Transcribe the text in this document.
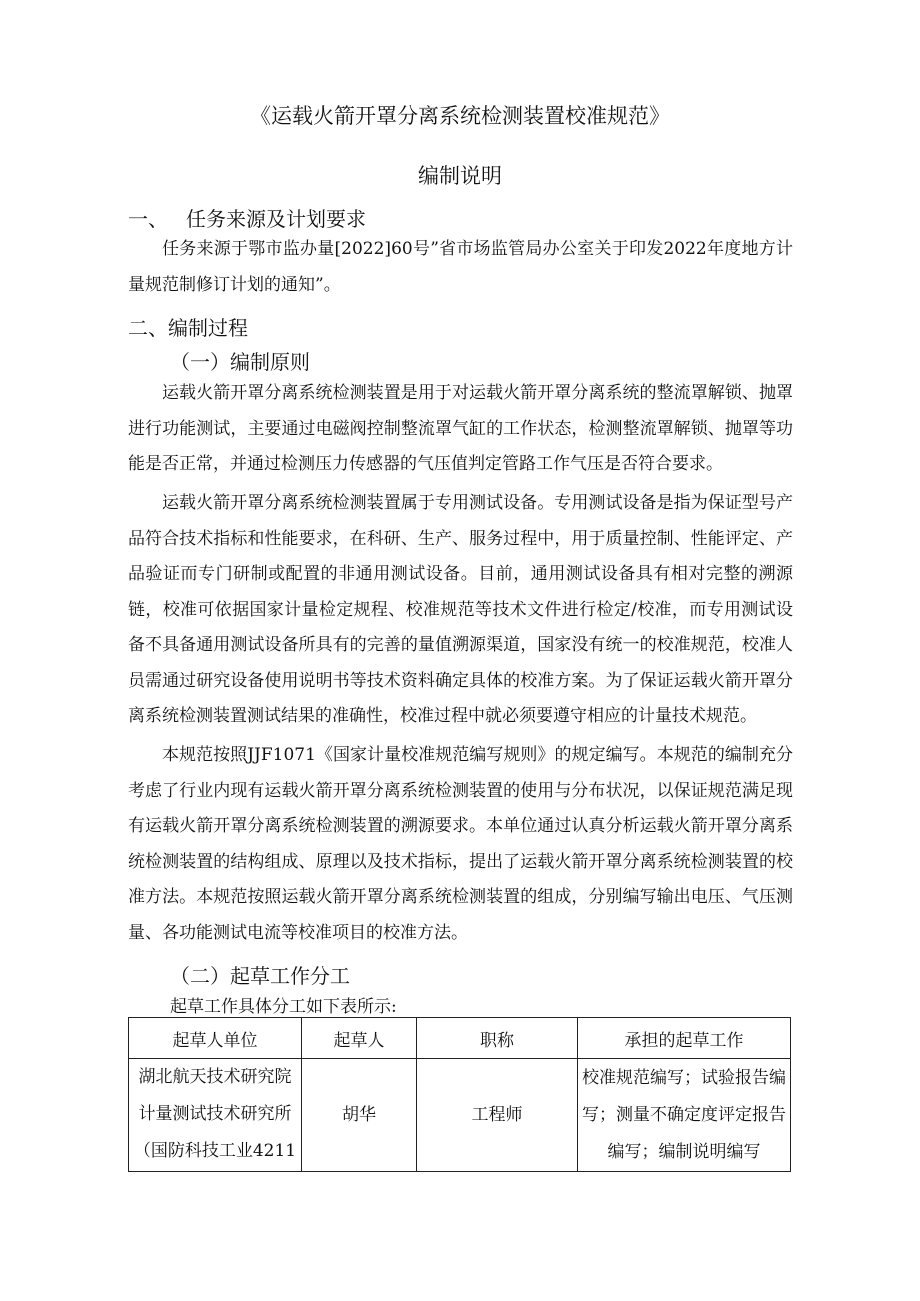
《运载火箭开罩分离系统检测装置校准规范》
编制说明
一、 任务来源及计划要求
任务来源于鄂市监办量[2022]60号”省市场监管局办公室关于印发2022年度地方计量规范制修订计划的通知”。
二、编制过程
（一）编制原则
运载火箭开罩分离系统检测装置是用于对运载火箭开罩分离系统的整流罩解锁、抛罩进行功能测试，主要通过电磁阀控制整流罩气缸的工作状态，检测整流罩解锁、抛罩等功能是否正常，并通过检测压力传感器的气压值判定管路工作气压是否符合要求。
运载火箭开罩分离系统检测装置属于专用测试设备。专用测试设备是指为保证型号产品符合技术指标和性能要求，在科研、生产、服务过程中，用于质量控制、性能评定、产品验证而专门研制或配置的非通用测试设备。目前，通用测试设备具有相对完整的溯源链，校准可依据国家计量检定规程、校准规范等技术文件进行检定/校准，而专用测试设备不具备通用测试设备所具有的完善的量值溯源渠道，国家没有统一的校准规范，校准人员需通过研究设备使用说明书等技术资料确定具体的校准方案。为了保证运载火箭开罩分离系统检测装置测试结果的准确性，校准过程中就必须要遵守相应的计量技术规范。
本规范按照JJF1071《国家计量校准规范编写规则》的规定编写。本规范的编制充分考虑了行业内现有运载火箭开罩分离系统检测装置的使用与分布状况，以保证规范满足现有运载火箭开罩分离系统检测装置的溯源要求。本单位通过认真分析运载火箭开罩分离系统检测装置的结构组成、原理以及技术指标，提出了运载火箭开罩分离系统检测装置的校准方法。本规范按照运载火箭开罩分离系统检测装置的组成，分别编写输出电压、气压测量、各功能测试电流等校准项目的校准方法。
（二）起草工作分工
起草工作具体分工如下表所示:
起草人单位	起草人	职称	承担的起草工作

湖北航天技术研究院
计量测试技术研究所
（国防科技工业4211	胡华	工程师	校准规范编写；试验报告编写；测量不确定度评定报告编写；编制说明编写
